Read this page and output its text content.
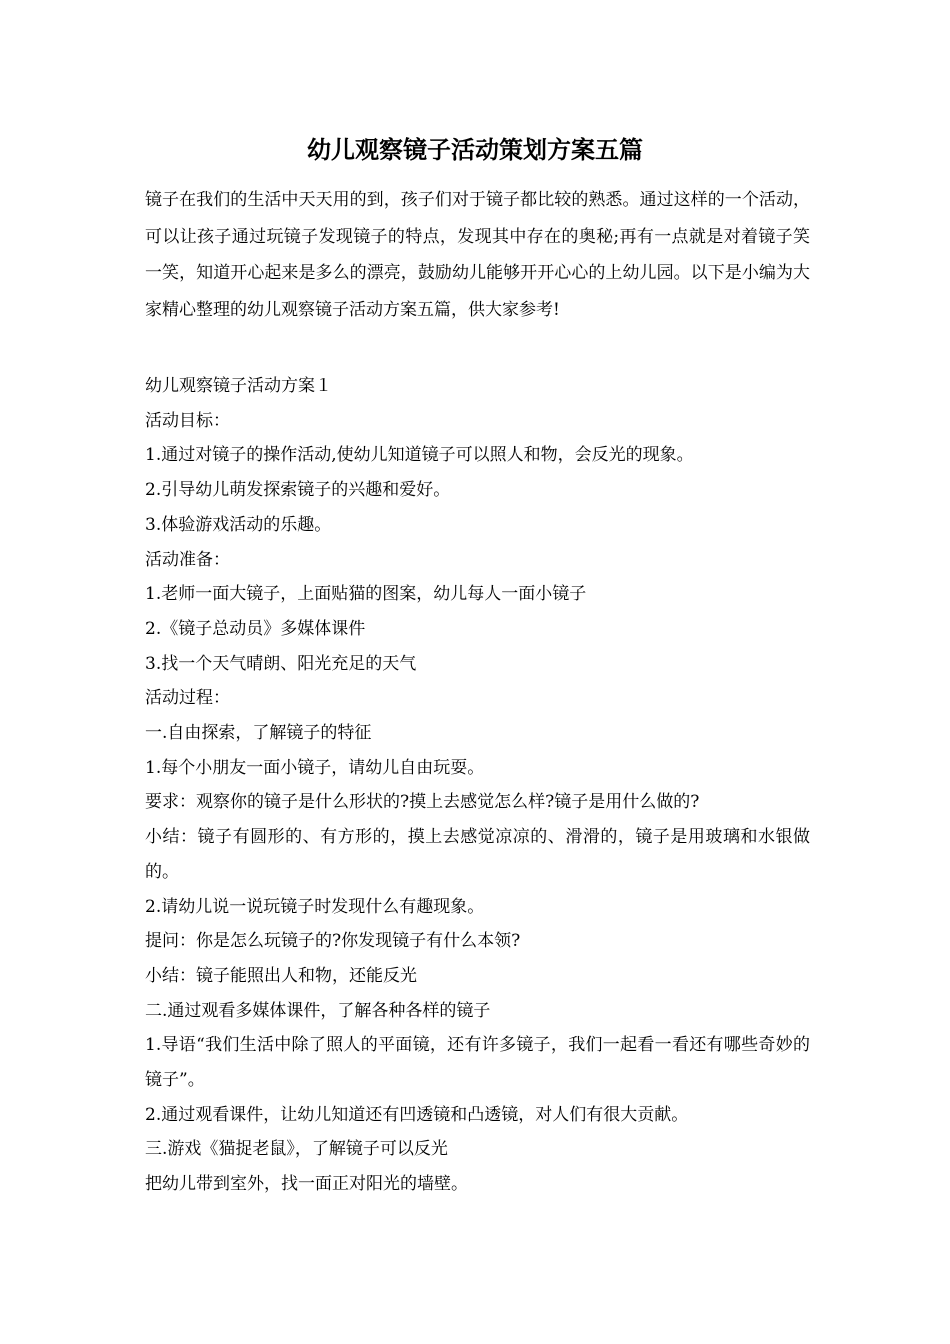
幼儿观察镜子活动策划方案五篇

镜子在我们的生活中天天用的到，孩子们对于镜子都比较的熟悉。通过这样的一个活动，可以让孩子通过玩镜子发现镜子的特点，发现其中存在的奥秘;再有一点就是对着镜子笑一笑，知道开心起来是多么的漂亮，鼓励幼儿能够开开心心的上幼儿园。以下是小编为大家精心整理的幼儿观察镜子活动方案五篇，供大家参考!

幼儿观察镜子活动方案１
活动目标：
1.通过对镜子的操作活动,使幼儿知道镜子可以照人和物，会反光的现象。
2.引导幼儿萌发探索镜子的兴趣和爱好。
3.体验游戏活动的乐趣。
活动准备：
1.老师一面大镜子，上面贴猫的图案，幼儿每人一面小镜子
2.《镜子总动员》多媒体课件
3.找一个天气晴朗、阳光充足的天气
活动过程：
一.自由探索，了解镜子的特征
1.每个小朋友一面小镜子，请幼儿自由玩耍。
要求：观察你的镜子是什么形状的?摸上去感觉怎么样?镜子是用什么做的?
小结：镜子有圆形的、有方形的，摸上去感觉凉凉的、滑滑的，镜子是用玻璃和水银做的。
2.请幼儿说一说玩镜子时发现什么有趣现象。
提问：你是怎么玩镜子的?你发现镜子有什么本领?
小结：镜子能照出人和物，还能反光
二.通过观看多媒体课件，了解各种各样的镜子
1.导语“我们生活中除了照人的平面镜，还有许多镜子，我们一起看一看还有哪些奇妙的镜子”。
2.通过观看课件，让幼儿知道还有凹透镜和凸透镜，对人们有很大贡献。
三.游戏《猫捉老鼠》，了解镜子可以反光
把幼儿带到室外，找一面正对阳光的墙壁。
